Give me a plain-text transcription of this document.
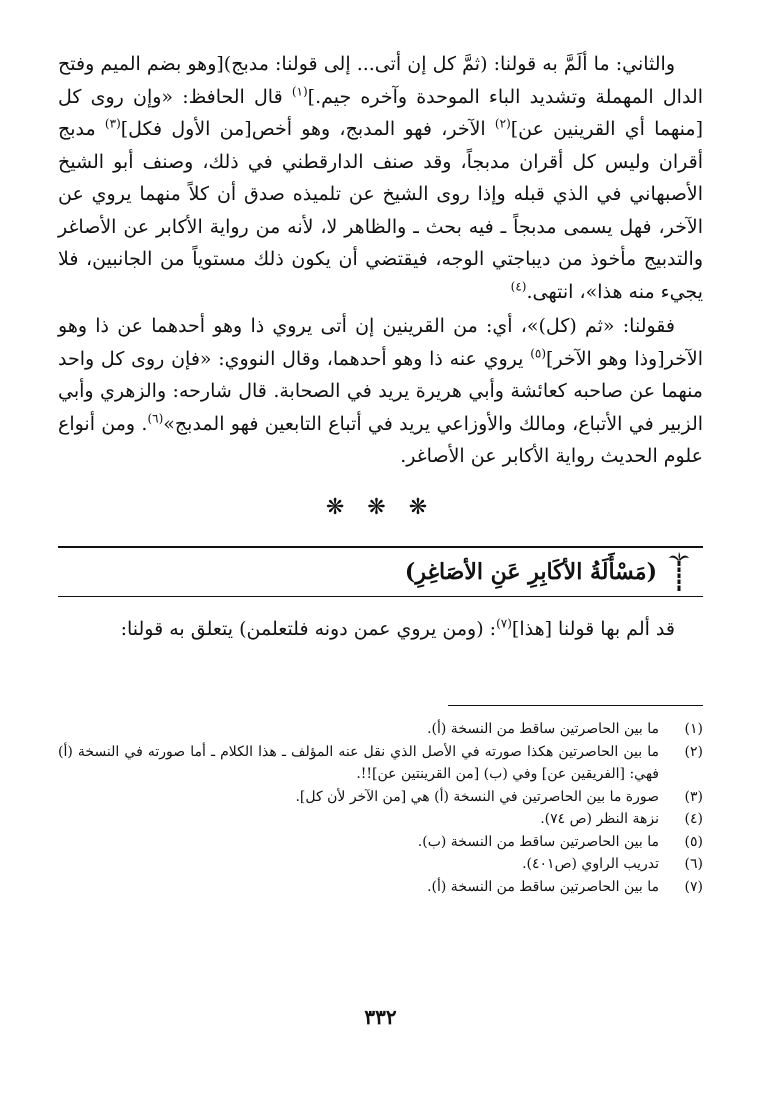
والثاني: ما ألَمَّ به قولنا: (ثمَّ كل إن أتى... إلى قولنا: مدبج)[وهو بضم الميم وفتح الدال المهملة وتشديد الباء الموحدة وآخره جيم.]$^{(١)}$ قال الحافظ: «وإن روى كل [منهما أي القرينين عن]$^{(٢)}$ الآخر، فهو المدبج، وهو أخص[من الأول فكل]$^{(٣)}$ مدبج أقران وليس كل أقران مدبجاً، وقد صنف الدارقطني في ذلك، وصنف أبو الشيخ الأصبهاني في الذي قبله وإذا روى الشيخ عن تلميذه صدق أن كلاً منهما يروي عن الآخر، فهل يسمى مدبجاً ـ فيه بحث ـ والظاهر لا، لأنه من رواية الأكابر عن الأصاغر والتدبيج مأخوذ من ديباجتي الوجه، فيقتضي أن يكون ذلك مستوياً من الجانبين، فلا يجيء منه هذا»، انتهى.$^{(٤)}$

فقولنا: «ثم (كل)»، أي: من القرينين إن أتى يروي ذا وهو أحدهما عن ذا وهو الآخر[وذا وهو الآخر]$^{(٥)}$ يروي عنه ذا وهو أحدهما، وقال النووي: «فإن روى كل واحد منهما عن صاحبه كعائشة وأبي هريرة يريد في الصحابة. قال شارحه: والزهري وأبي الزبير في الأتباع، ومالك والأوزاعي يريد في أتباع التابعين فهو المدبج»$^{(٦)}$. ومن أنواع علوم الحديث رواية الأكابر عن الأصاغر.

❋ ❋ ❋
(مَسْأَلَةُ الأكَابِرِ عَنِ الأصَاغِرِ)

قد ألم بها قولنا [هذا]$^{(٧)}$: (ومن يروي عمن دونه فلتعلمن) يتعلق به قولنا:

(١)
ما بين الحاصرتين ساقط من النسخة (أ).
(٢)
ما بين الحاصرتين هكذا صورته في الأصل الذي نقل عنه المؤلف ـ هذا الكلام ـ أما صورته في النسخة (أ) فهي: [الفريقين عن] وفي (ب) [من القرينتين عن]!!.
(٣)
صورة ما بين الحاصرتين في النسخة (أ) هي [من الآخر لأن كل].
(٤)
نزهة النظر (ص ٧٤).
(٥)
ما بين الحاصرتين ساقط من النسخة (ب).
(٦)
تدريب الراوي (ص٤٠١).
(٧)
ما بين الحاصرتين ساقط من النسخة (أ).
٣٣٢
